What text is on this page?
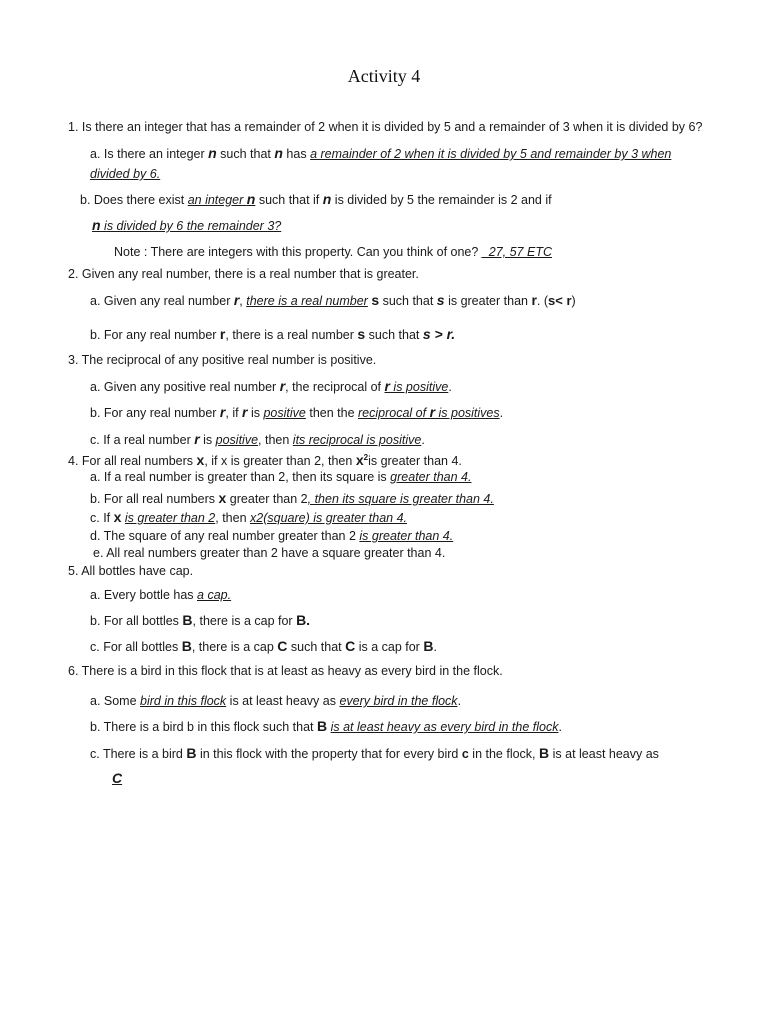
Activity 4
1. Is there an integer that has a remainder of 2 when it is divided by 5 and a remainder of 3 when it is divided by 6?
a. Is there an integer n such that n has a remainder of 2 when it is divided by 5 and remainder by 3 when
divided by 6.
b. Does there exist an integer n such that if n is divided by 5 the remainder is 2 and if
n is divided by 6 the remainder 3?
Note : There are integers with this property. Can you think of one? _27, 57 ETC
2. Given any real number, there is a real number that is greater.
a. Given any real number r, there is a real number s such that s is greater than r. (s< r)
b. For any real number r, there is a real number s such that s > r.
3. The reciprocal of any positive real number is positive.
a. Given any positive real number r, the reciprocal of r is positive.
b. For any real number r, if r is positive then the reciprocal of r is positives.
c. If a real number r is positive, then its reciprocal is positive.
4. For all real numbers x, if x is greater than 2, then $x^2is$ greater than 4.
a. If a real number is greater than 2, then its square is greater than 4.
b. For all real numbers x greater than 2, then its square is greater than 4.
c. If x is greater than 2, then x2(square) is greater than 4.
d. The square of any real number greater than 2 is greater than 4.
e. All real numbers greater than 2 have a square greater than 4.
5. All bottles have cap.
a. Every bottle has a cap.
b. For all bottles B, there is a cap for B.
c. For all bottles B, there is a cap C such that C is a cap for B.
6. There is a bird in this flock that is at least as heavy as every bird in the flock.
a. Some bird in this flock is at least heavy as every bird in the flock.
b. There is a bird b in this flock such that B is at least heavy as every bird in the flock.
c. There is a bird B in this flock with the property that for every bird c in the flock, B is at least heavy as
C
